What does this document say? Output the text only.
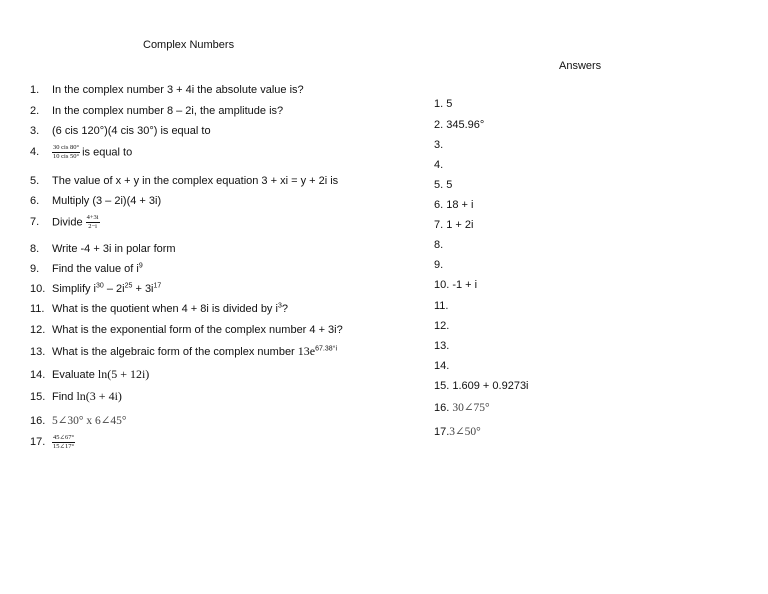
Complex Numbers
Answers
1. In the complex number 3 + 4i the absolute value is?
2. In the complex number 8 – 2i, the amplitude is?
3. (6 cis 120°)(4 cis 30°) is equal to
4. $\frac{\text{30 cis 80°}}{\text{10 cis 50°}}$ is equal to
5. The value of x + y in the complex equation 3 + xi = y + 2i is
6. Multiply (3 – 2i)(4 + 3i)
7. Divide $\frac{4+3i}{2-i}$
8. Write -4 + 3i in polar form
9. Find the value of $i^9$
10. Simplify $i^{30} - 2i^{25} + 3i^{17}$
11. What is the quotient when 4 + 8i is divided by $i^3$?
12. What is the exponential form of the complex number 4 + 3i?
13. What is the algebraic form of the complex number $13e^{67.38^\circ i}$
14. Evaluate ln(5 + 12i)
15. Find ln(3 + 4i)
16. 5∠30° x 6∠45°
17. $\frac{45\angle 67^\circ}{15\angle 17^\circ}$
1. 5
2. 345.96°
3.
4.
5. 5
6. 18 + i
7. 1 + 2i
8.
9.
10. -1 + i
11.
12.
13.
14.
15. 1.609 + 0.9273i
16. 30∠75°
17.3∠50°
